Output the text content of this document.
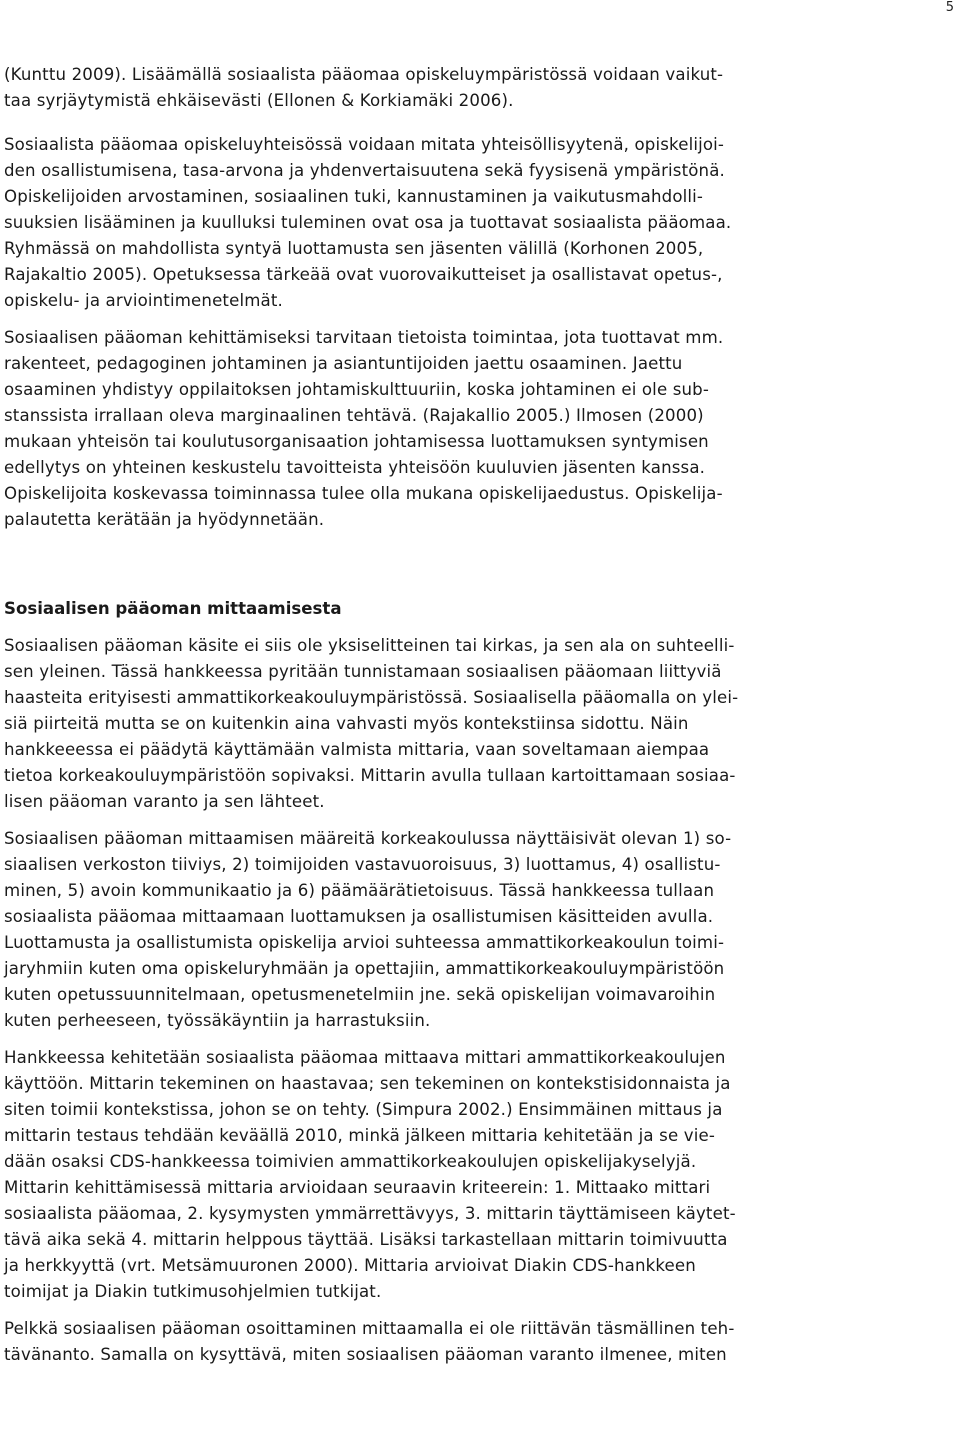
5
(Kunttu 2009). Lisäämällä sosiaalista pääomaa opiskeluympäristössä voidaan vaikut-
taa syrjäytymistä ehkäisevästi (Ellonen & Korkiamäki 2006).
Sosiaalista pääomaa opiskeluyhteisössä voidaan mitata yhteisöllisyytenä, opiskelijoi-
den osallistumisena, tasa-arvona ja yhdenvertaisuutena sekä fyysisenä ympäristönä.
Opiskelijoiden arvostaminen, sosiaalinen tuki, kannustaminen ja vaikutusmahdolli-
suuksien lisääminen ja kuulluksi tuleminen ovat osa ja tuottavat sosiaalista pääomaa.
Ryhmässä on mahdollista syntyä luottamusta sen jäsenten välillä (Korhonen 2005,
Rajakaltio 2005). Opetuksessa tärkeää ovat vuorovaikutteiset ja osallistavat opetus-,
opiskelu- ja arviointimenetelmät.
Sosiaalisen pääoman kehittämiseksi tarvitaan tietoista toimintaa, jota tuottavat mm.
rakenteet, pedagoginen johtaminen ja asiantuntijoiden jaettu osaaminen. Jaettu
osaaminen yhdistyy oppilaitoksen johtamiskulttuuriin, koska johtaminen ei ole sub-
stanssista irrallaan oleva marginaalinen tehtävä. (Rajakallio 2005.) Ilmosen (2000)
mukaan yhteisön tai koulutusorganisaation johtamisessa luottamuksen syntymisen
edellytys on yhteinen keskustelu tavoitteista yhteisöön kuuluvien jäsenten kanssa.
Opiskelijoita koskevassa toiminnassa tulee olla mukana opiskelijaedustus. Opiskelija-
palautetta kerätään ja hyödynnetään.
Sosiaalisen pääoman mittaamisesta
Sosiaalisen pääoman käsite ei siis ole yksiselitteinen tai kirkas, ja sen ala on suhteelli-
sen yleinen. Tässä hankkeessa pyritään tunnistamaan sosiaalisen pääomaan liittyviä
haasteita erityisesti ammattikorkeakouluympäristössä. Sosiaalisella pääomalla on ylei-
siä piirteitä mutta se on kuitenkin aina vahvasti myös kontekstiinsa sidottu. Näin
hankkeeessa ei päädytä käyttämään valmista mittaria, vaan soveltamaan aiempaa
tietoa korkeakouluympäristöön sopivaksi. Mittarin avulla tullaan kartoittamaan sosiaa-
lisen pääoman varanto ja sen lähteet.
Sosiaalisen pääoman mittaamisen määreitä korkeakoulussa näyttäisivät olevan 1) so-
siaalisen verkoston tiiviys, 2) toimijoiden vastavuoroisuus, 3) luottamus, 4) osallistu-
minen, 5) avoin kommunikaatio ja 6) päämäärätietoisuus. Tässä hankkeessa tullaan
sosiaalista pääomaa mittaamaan luottamuksen ja osallistumisen käsitteiden avulla.
Luottamusta ja osallistumista opiskelija arvioi suhteessa ammattikorkeakoulun toimi-
jaryhmiin kuten oma opiskeluryhmään ja opettajiin, ammattikorkeakouluympäristöön
kuten opetussuunnitelmaan, opetusmenetelmiin jne. sekä opiskelijan voimavaroihin
kuten perheeseen, työssäkäyntiin ja harrastuksiin.
Hankkeessa kehitetään sosiaalista pääomaa mittaava mittari ammattikorkeakoulujen
käyttöön. Mittarin tekeminen on haastavaa; sen tekeminen on kontekstisidonnaista ja
siten toimii kontekstissa, johon se on tehty. (Simpura 2002.) Ensimmäinen mittaus ja
mittarin testaus tehdään keväällä 2010, minkä jälkeen mittaria kehitetään ja se vie-
dään osaksi CDS-hankkeessa toimivien ammattikorkeakoulujen opiskelijakyselyjä.
Mittarin kehittämisessä mittaria arvioidaan seuraavin kriteerein: 1. Mittaako mittari
sosiaalista pääomaa, 2. kysymysten ymmärrettävyys, 3. mittarin täyttämiseen käytet-
tävä aika sekä 4. mittarin helppous täyttää. Lisäksi tarkastellaan mittarin toimivuutta
ja herkkyyttä (vrt. Metsämuuronen 2000). Mittaria arvioivat Diakin CDS-hankkeen
toimijat ja Diakin tutkimusohjelmien tutkijat.
Pelkkä sosiaalisen pääoman osoittaminen mittaamalla ei ole riittävän täsmällinen teh-
tävänanto. Samalla on kysyttävä, miten sosiaalisen pääoman varanto ilmenee, miten
